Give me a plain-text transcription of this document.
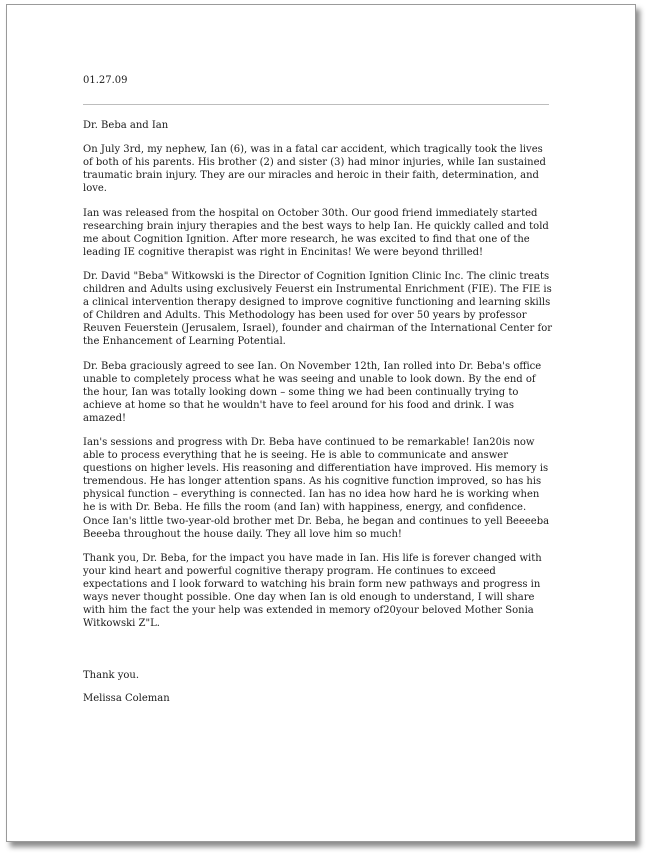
01.27.09

Dr. Beba and Ian

On July 3rd, my nephew, Ian (6), was in a fatal car accident, which tragically took the lives of both of his parents. His brother (2) and sister (3) had minor injuries, while Ian sustained traumatic brain injury. They are our miracles and heroic in their faith, determination, and love.

Ian was released from the hospital on October 30th. Our good friend immediately started researching brain injury therapies and the best ways to help Ian. He quickly called and told me about Cognition Ignition. After more research, he was excited to find that one of the leading IE cognitive therapist was right in Encinitas! We were beyond thrilled!

Dr. David "Beba" Witkowski is the Director of Cognition Ignition Clinic Inc. The clinic treats children and Adults using exclusively Feuerst ein Instrumental Enrichment (FIE). The FIE is a clinical intervention therapy designed to improve cognitive functioning and learning skills of Children and Adults. This Methodology has been used for over 50 years by professor Reuven Feuerstein (Jerusalem, Israel), founder and chairman of the International Center for the Enhancement of Learning Potential.

Dr. Beba graciously agreed to see Ian. On November 12th, Ian rolled into Dr. Beba's office unable to completely process what he was seeing and unable to look down. By the end of the hour, Ian was totally looking down – some thing we had been continually trying to achieve at home so that he wouldn't have to feel around for his food and drink. I was amazed!

Ian's sessions and progress with Dr. Beba have continued to be remarkable! Ian20is now able to process everything that he is seeing. He is able to communicate and answer questions on higher levels. His reasoning and differentiation have improved. His memory is tremendous. He has longer attention spans. As his cognitive function improved, so has his physical function – everything is connected. Ian has no idea how hard he is working when he is with Dr. Beba. He fills the room (and Ian) with happiness, energy, and confidence. Once Ian's little two-year-old brother met Dr. Beba, he began and continues to yell Beeeeba Beeeba throughout the house daily. They all love him so much!

Thank you, Dr. Beba, for the impact you have made in Ian. His life is forever changed with your kind heart and powerful cognitive therapy program. He continues to exceed expectations and I look forward to watching his brain form new pathways and progress in ways never thought possible. One day when Ian is old enough to understand, I will share with him the fact the your help was extended in memory of20your beloved Mother Sonia Witkowski Z"L.

Thank you.

Melissa Coleman
